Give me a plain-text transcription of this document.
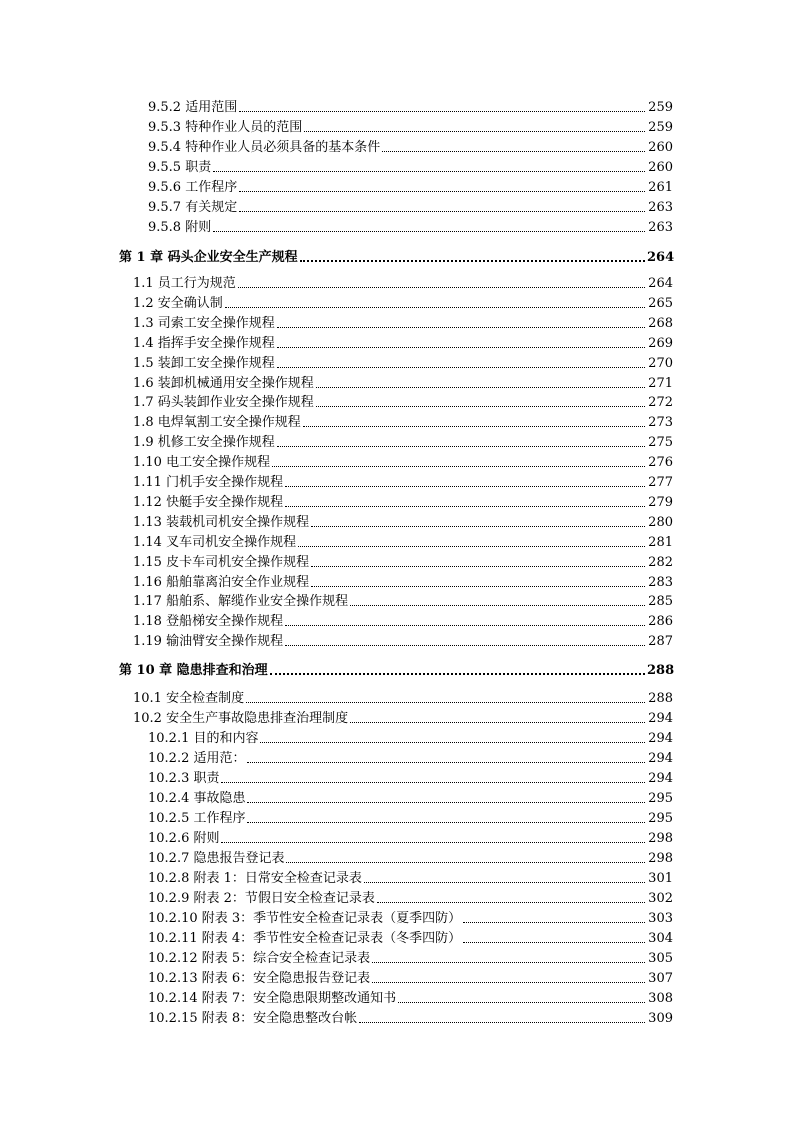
9.5.2 适用范围	259
9.5.3 特种作业人员的范围	259
9.5.4 特种作业人员必须具备的基本条件	260
9.5.5 职责	260
9.5.6 工作程序	261
9.5.7 有关规定	263
9.5.8 附则	263
第 1 章 码头企业安全生产规程	264
1.1 员工行为规范	264
1.2 安全确认制	265
1.3 司索工安全操作规程	268
1.4 指挥手安全操作规程	269
1.5 装卸工安全操作规程	270
1.6 装卸机械通用安全操作规程	271
1.7 码头装卸作业安全操作规程	272
1.8 电焊氧割工安全操作规程	273
1.9 机修工安全操作规程	275
1.10 电工安全操作规程	276
1.11 门机手安全操作规程	277
1.12 快艇手安全操作规程	279
1.13 装载机司机安全操作规程	280
1.14 叉车司机安全操作规程	281
1.15 皮卡车司机安全操作规程	282
1.16 船舶靠离泊安全作业规程	283
1.17 船舶系、解缆作业安全操作规程	285
1.18 登船梯安全操作规程	286
1.19 输油臂安全操作规程	287
第 10 章 隐患排查和治理	288
10.1 安全检查制度	288
10.2 安全生产事故隐患排查治理制度	294
10.2.1 目的和内容	294
10.2.2 适用范：	294
10.2.3 职责	294
10.2.4 事故隐患	295
10.2.5 工作程序	295
10.2.6 附则	298
10.2.7 隐患报告登记表	298
10.2.8 附表 1：日常安全检查记录表	301
10.2.9 附表 2：节假日安全检查记录表	302
10.2.10 附表 3：季节性安全检查记录表（夏季四防）	303
10.2.11 附表 4：季节性安全检查记录表（冬季四防）	304
10.2.12 附表 5：综合安全检查记录表	305
10.2.13 附表 6：安全隐患报告登记表	307
10.2.14 附表 7：安全隐患限期整改通知书	308
10.2.15 附表 8：安全隐患整改台帐	309
